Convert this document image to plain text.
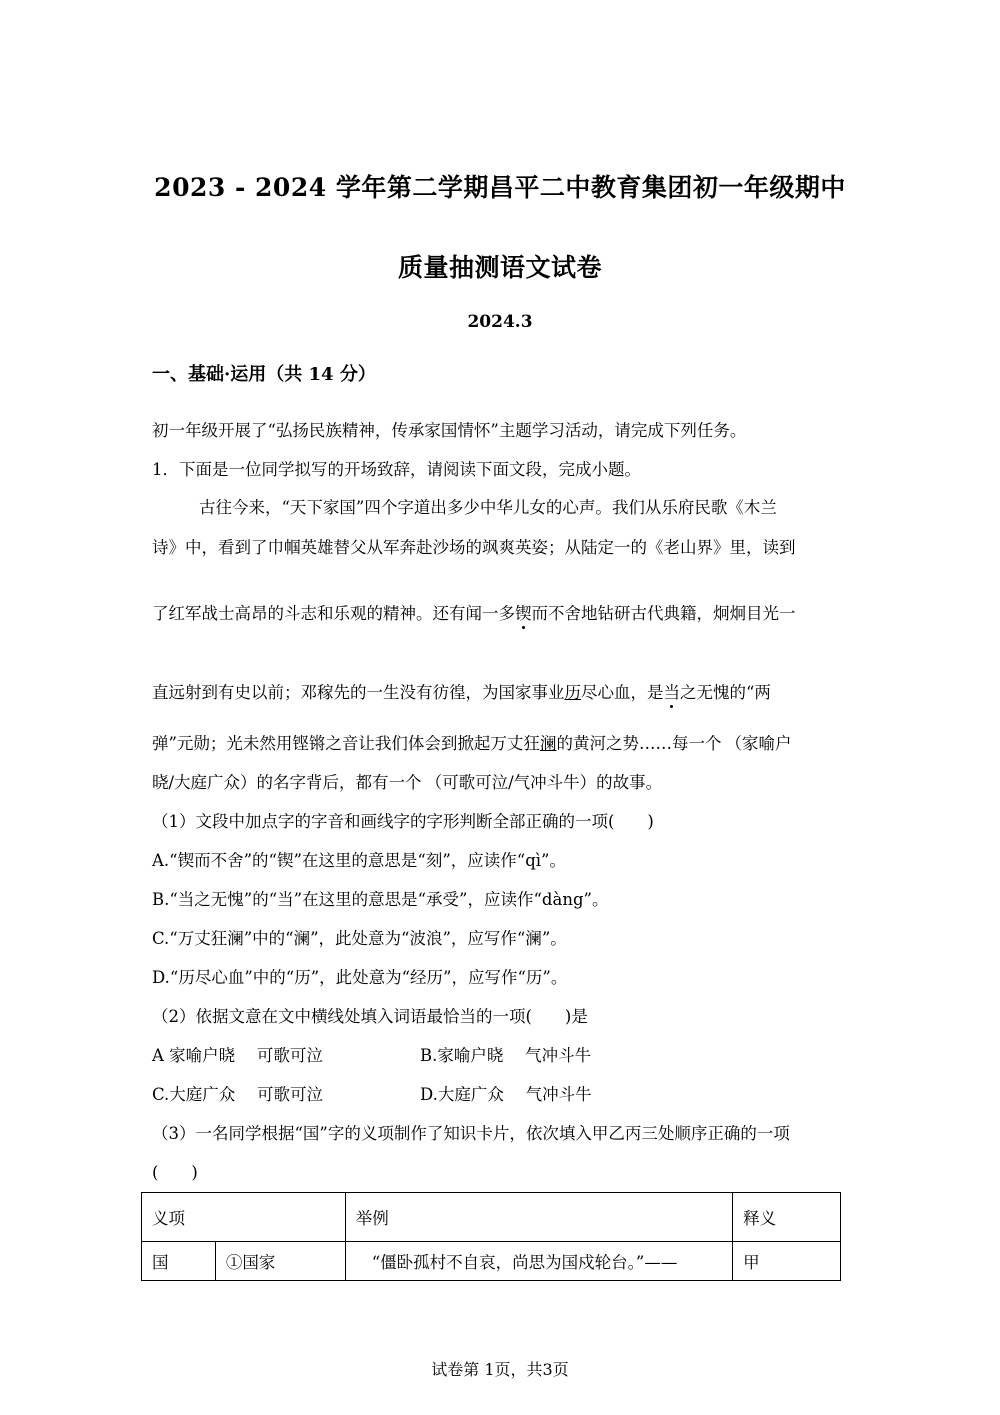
2023 - 2024 学年第二学期昌平二中教育集团初一年级期中
质量抽测语文试卷
2024.3
一、基础·运用（共 14 分）
初一年级开展了“弘扬民族精神，传承家国情怀”主题学习活动，请完成下列任务。
1．下面是一位同学拟写的开场致辞，请阅读下面文段，完成小题。
古往今来，“天下家国”四个字道出多少中华儿女的心声。我们从乐府民歌《木兰
诗》中，看到了巾帼英雄替父从军奔赴沙场的飒爽英姿；从陆定一的《老山界》里，读到
了红军战士高昂的斗志和乐观的精神。还有闻一多锲而不舍地钻研古代典籍，炯炯目光一
直远射到有史以前；邓稼先的一生没有彷徨，为国家事业历尽心血，是当之无愧的“两
弹”元勋；光未然用铿锵之音让我们体会到掀起万丈狂澜的黄河之势……每一个 （家喻户
晓/大庭广众）的名字背后，都有一个 （可歌可泣/气冲斗牛）的故事。
（1）文段中加点字的字音和画线字的字形判断全部正确的一项(　　)
A.“锲而不舍”的“锲”在这里的意思是“刻”，应读作“qì”。
B.“当之无愧”的“当”在这里的意思是“承受”，应读作“dàng”。
C.“万丈狂澜”中的“澜”，此处意为“波浪”，应写作“澜”。
D.“历尽心血”中的“历”，此处意为“经历”，应写作“历”。
（2）依据文意在文中横线处填入词语最恰当的一项(　　)是
A 家喻户晓　 可歌可泣	B.家喻户晓　 气冲斗牛
C.大庭广众　 可歌可泣	D.大庭广众　 气冲斗牛
（3）一名同学根据“国”字的义项制作了知识卡片，依次填入甲乙丙三处顺序正确的一项
(　　)
义项		举例	释义
国	①国家	“僵卧孤村不自哀，尚思为国戍轮台。”——	甲
试卷第 1页，共3页
